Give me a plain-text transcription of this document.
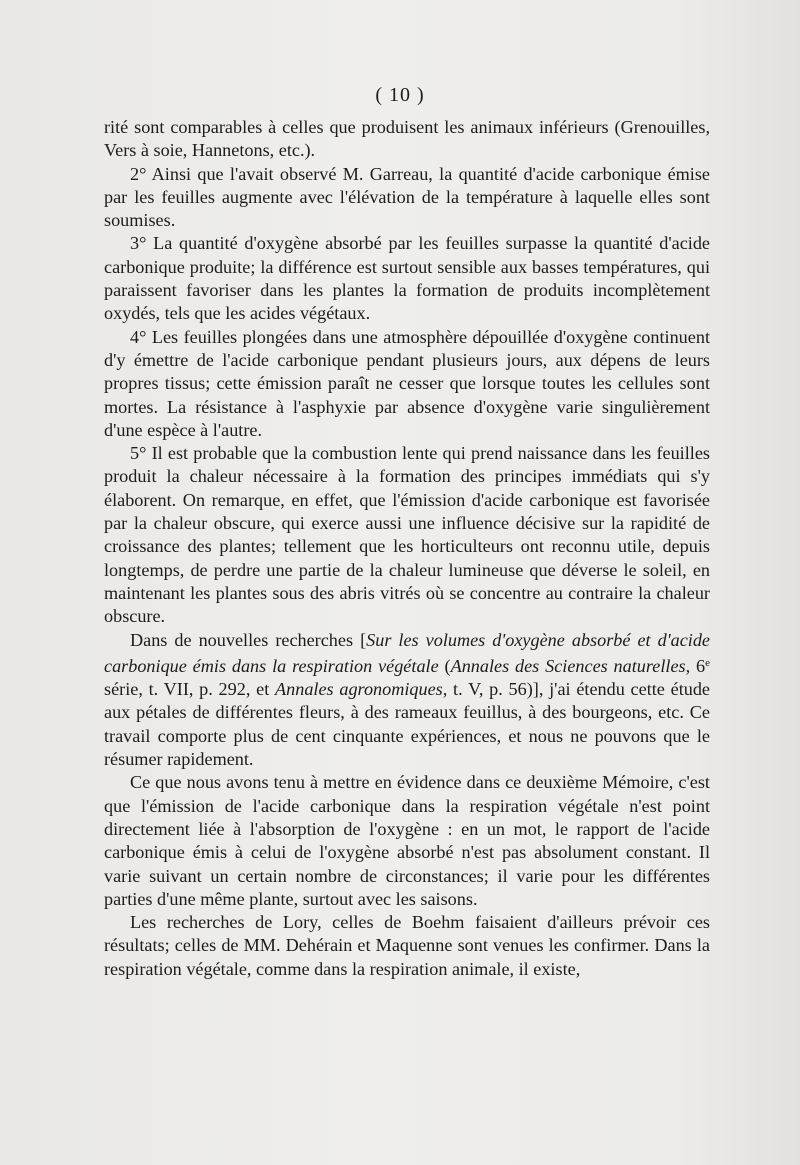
( 10 )

rité sont comparables à celles que produisent les animaux inférieurs (Grenouilles, Vers à soie, Hannetons, etc.).

2° Ainsi que l'avait observé M. Garreau, la quantité d'acide carbonique émise par les feuilles augmente avec l'élévation de la température à laquelle elles sont soumises.

3° La quantité d'oxygène absorbé par les feuilles surpasse la quantité d'acide carbonique produite; la différence est surtout sensible aux basses températures, qui paraissent favoriser dans les plantes la formation de produits incomplètement oxydés, tels que les acides végétaux.

4° Les feuilles plongées dans une atmosphère dépouillée d'oxygène continuent d'y émettre de l'acide carbonique pendant plusieurs jours, aux dépens de leurs propres tissus; cette émission paraît ne cesser que lorsque toutes les cellules sont mortes. La résistance à l'asphyxie par absence d'oxygène varie singulièrement d'une espèce à l'autre.

5° Il est probable que la combustion lente qui prend naissance dans les feuilles produit la chaleur nécessaire à la formation des principes immédiats qui s'y élaborent. On remarque, en effet, que l'émission d'acide carbonique est favorisée par la chaleur obscure, qui exerce aussi une influence décisive sur la rapidité de croissance des plantes; tellement que les horticulteurs ont reconnu utile, depuis longtemps, de perdre une partie de la chaleur lumineuse que déverse le soleil, en maintenant les plantes sous des abris vitrés où se concentre au contraire la chaleur obscure.

Dans de nouvelles recherches [Sur les volumes d'oxygène absorbé et d'acide carbonique émis dans la respiration végétale (Annales des Sciences naturelles, 6e série, t. VII, p. 292, et Annales agronomiques, t. V, p. 56)], j'ai étendu cette étude aux pétales de différentes fleurs, à des rameaux feuillus, à des bourgeons, etc. Ce travail comporte plus de cent cinquante expériences, et nous ne pouvons que le résumer rapidement.

Ce que nous avons tenu à mettre en évidence dans ce deuxième Mémoire, c'est que l'émission de l'acide carbonique dans la respiration végétale n'est point directement liée à l'absorption de l'oxygène : en un mot, le rapport de l'acide carbonique émis à celui de l'oxygène absorbé n'est pas absolument constant. Il varie suivant un certain nombre de circonstances; il varie pour les différentes parties d'une même plante, surtout avec les saisons.

Les recherches de Lory, celles de Boehm faisaient d'ailleurs prévoir ces résultats; celles de MM. Dehérain et Maquenne sont venues les confirmer. Dans la respiration végétale, comme dans la respiration animale, il existe,
